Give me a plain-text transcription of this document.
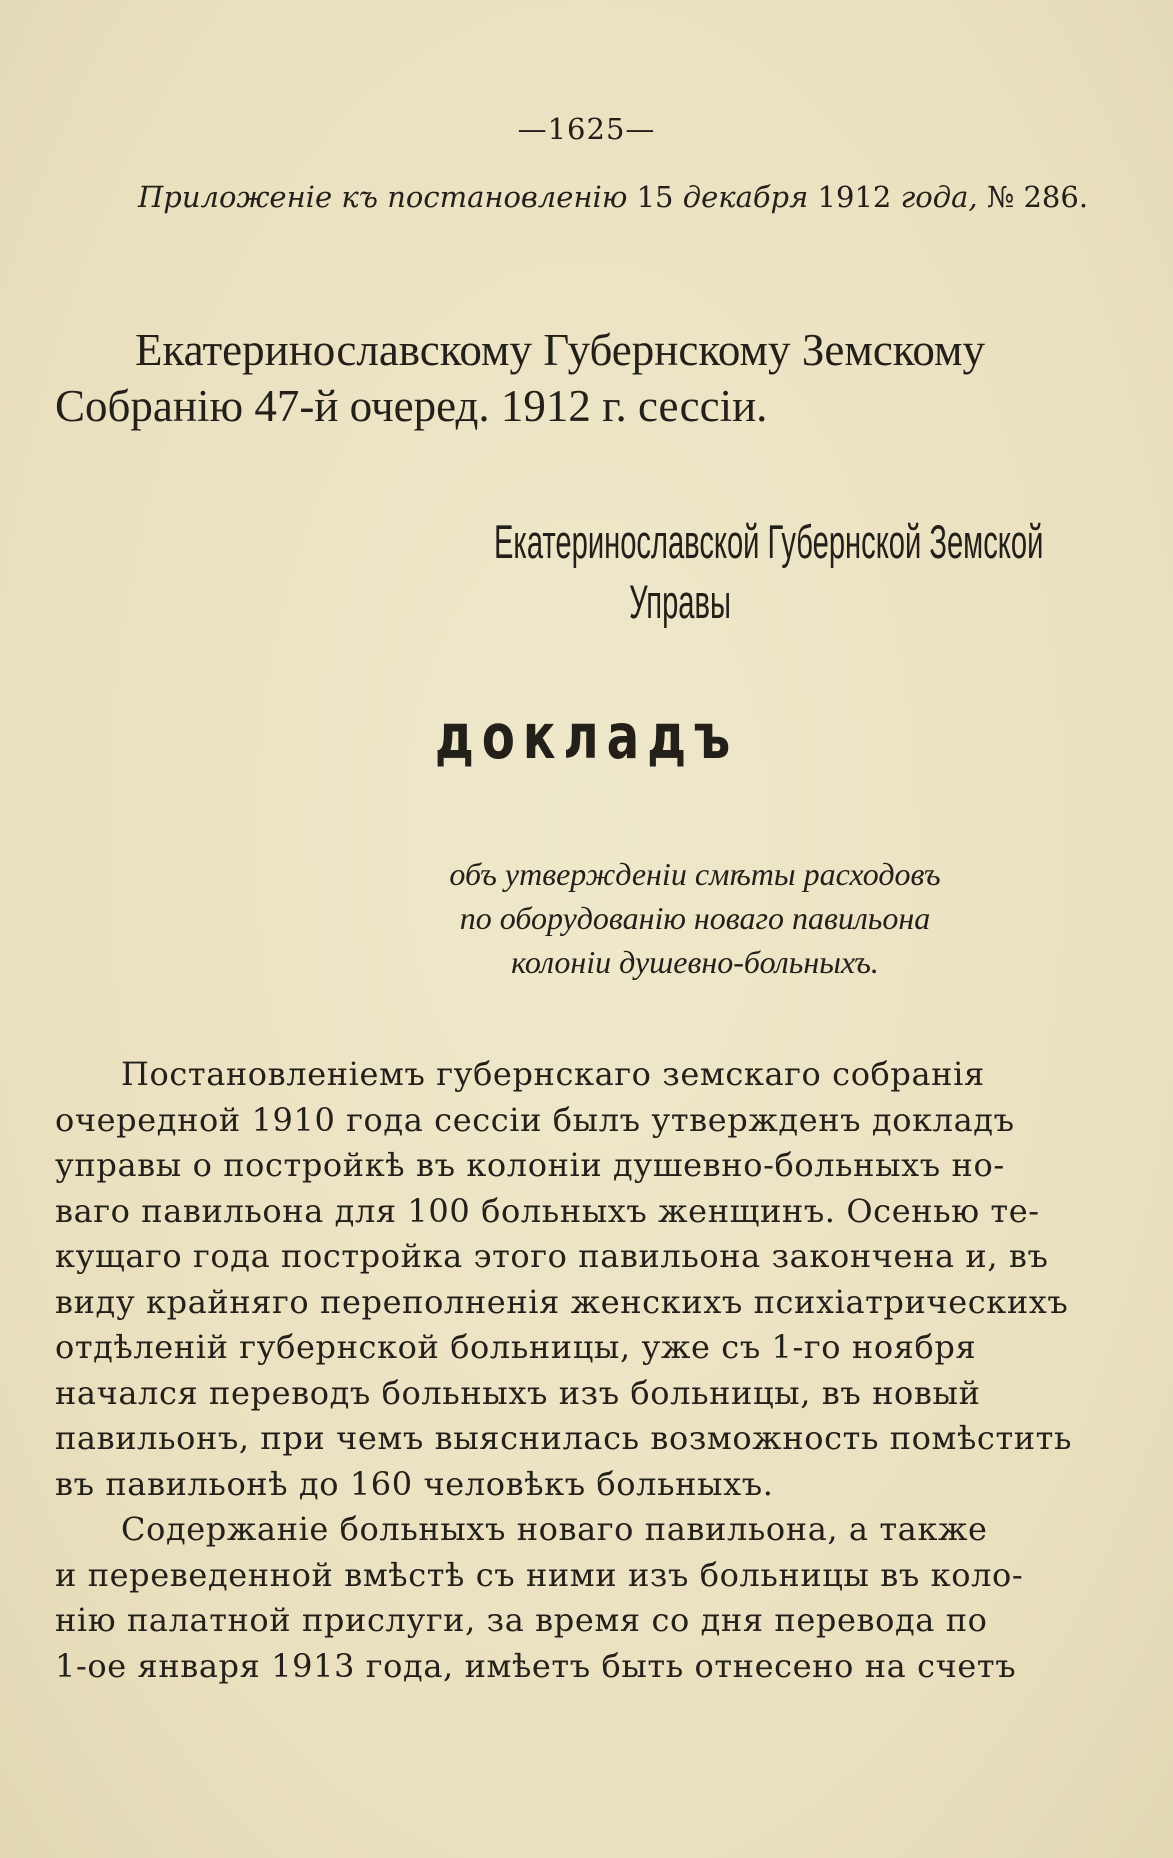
—1625—
Приложеніе къ постановленію 15 декабря 1912 года, № 286.
Екатеринославскому Губернскому Земскому Собранію 47-й очеред. 1912 г. сессіи.
Екатеринославской Губернской Земской
Управы
докладъ
объ утвержденіи смѣты расходовъ
по оборудованію новаго павильона
колоніи душевно-больныхъ.
Постановленіемъ губернскаго земскаго собранія
очередной 1910 года сессіи былъ утвержденъ докладъ
управы о постройкѣ въ колоніи душевно-больныхъ но-
ваго павильона для 100 больныхъ женщинъ. Осенью те-
кущаго года постройка этого павильона закончена и, въ
виду крайняго переполненія женскихъ психіатрическихъ
отдѣленій губернской больницы, уже съ 1-го ноября
начался переводъ больныхъ изъ больницы, въ новый
павильонъ, при чемъ выяснилась возможность помѣстить
въ павильонѣ до 160 человѣкъ больныхъ.
Содержаніе больныхъ новаго павильона, а также
и переведенной вмѣстѣ съ ними изъ больницы въ коло-
нію палатной прислуги, за время со дня перевода по
1-ое января 1913 года, имѣетъ быть отнесено на счетъ
